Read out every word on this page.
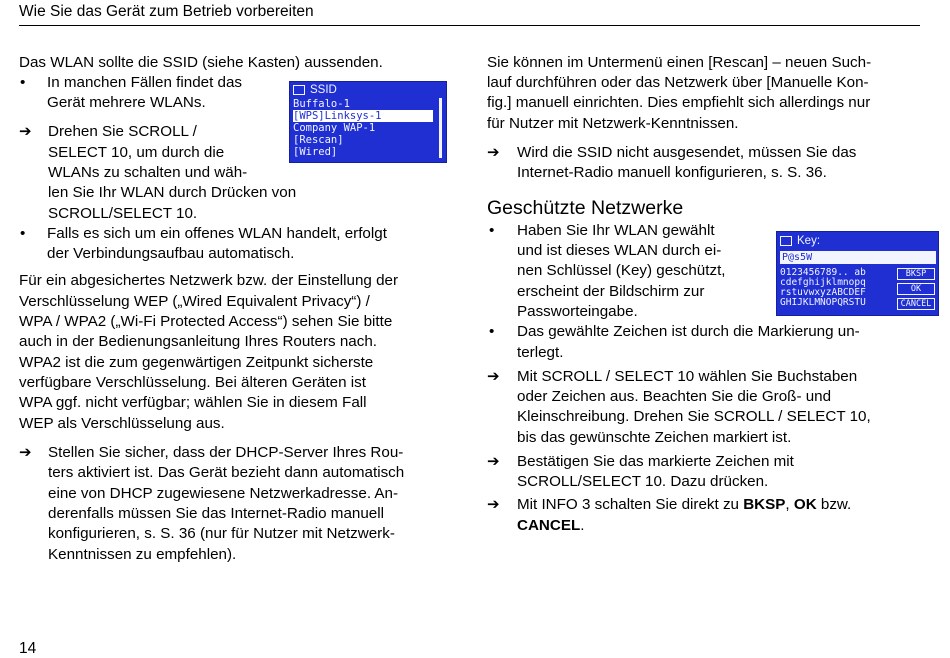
Wie Sie das Gerät zum Betrieb vorbereiten
Das WLAN sollte die SSID (siehe Kasten) aussenden.
• In manchen Fällen findet das
Gerät mehrere WLANs.
➔ Drehen Sie SCROLL /
SELECT 10, um durch die
WLANs zu schalten und wäh-
len Sie Ihr WLAN durch Drücken von
SCROLL/SELECT 10.
• Falls es sich um ein offenes WLAN handelt, erfolgt
der Verbindungsaufbau automatisch.
Für ein abgesichertes Netzwerk bzw. der Einstellung der
Verschlüsselung WEP („Wired Equivalent Privacy“) /
WPA / WPA2 („Wi-Fi Protected Access“) sehen Sie bitte
auch in der Bedienungsanleitung Ihres Routers nach.
WPA2 ist die zum gegenwärtigen Zeitpunkt sicherste
verfügbare Verschlüsselung. Bei älteren Geräten ist
WPA ggf. nicht verfügbar; wählen Sie in diesem Fall
WEP als Verschlüsselung aus.
➔ Stellen Sie sicher, dass der DHCP-Server Ihres Rou-
ters aktiviert ist. Das Gerät bezieht dann automatisch
eine von DHCP zugewiesene Netzwerkadresse. An-
derenfalls müssen Sie das Internet-Radio manuell
konfigurieren, s. S. 36 (nur für Nutzer mit Netzwerk-
Kenntnissen zu empfehlen).
SSID
Buffalo-1
[WPS]Linksys-1
Company WAP-1
[Rescan]
[Wired]
Sie können im Untermenü einen [Rescan] – neuen Such-
lauf durchführen oder das Netzwerk über [Manuelle Kon-
fig.] manuell einrichten. Dies empfiehlt sich allerdings nur
für Nutzer mit Netzwerk-Kenntnissen.
➔ Wird die SSID nicht ausgesendet, müssen Sie das
Internet-Radio manuell konfigurieren, s. S. 36.
Geschützte Netzwerke
• Haben Sie Ihr WLAN gewählt
und ist dieses WLAN durch ei-
nen Schlüssel (Key) geschützt,
erscheint der Bildschirm zur
Passworteingabe.
• Das gewählte Zeichen ist durch die Markierung un-
terlegt.
➔ Mit SCROLL / SELECT 10 wählen Sie Buchstaben
oder Zeichen aus. Beachten Sie die Groß- und
Kleinschreibung. Drehen Sie SCROLL / SELECT 10,
bis das gewünschte Zeichen markiert ist.
➔ Bestätigen Sie das markierte Zeichen mit
SCROLL/SELECT 10. Dazu drücken.
➔ Mit INFO 3 schalten Sie direkt zu BKSP, OK bzw.
CANCEL.
Key:
P@s5W
0123456789.. ab
cdefghijklmnopq
rstuvwxyzABCDEF
GHIJKLMNOPQRSTU
BKSP
OK
CANCEL
14
